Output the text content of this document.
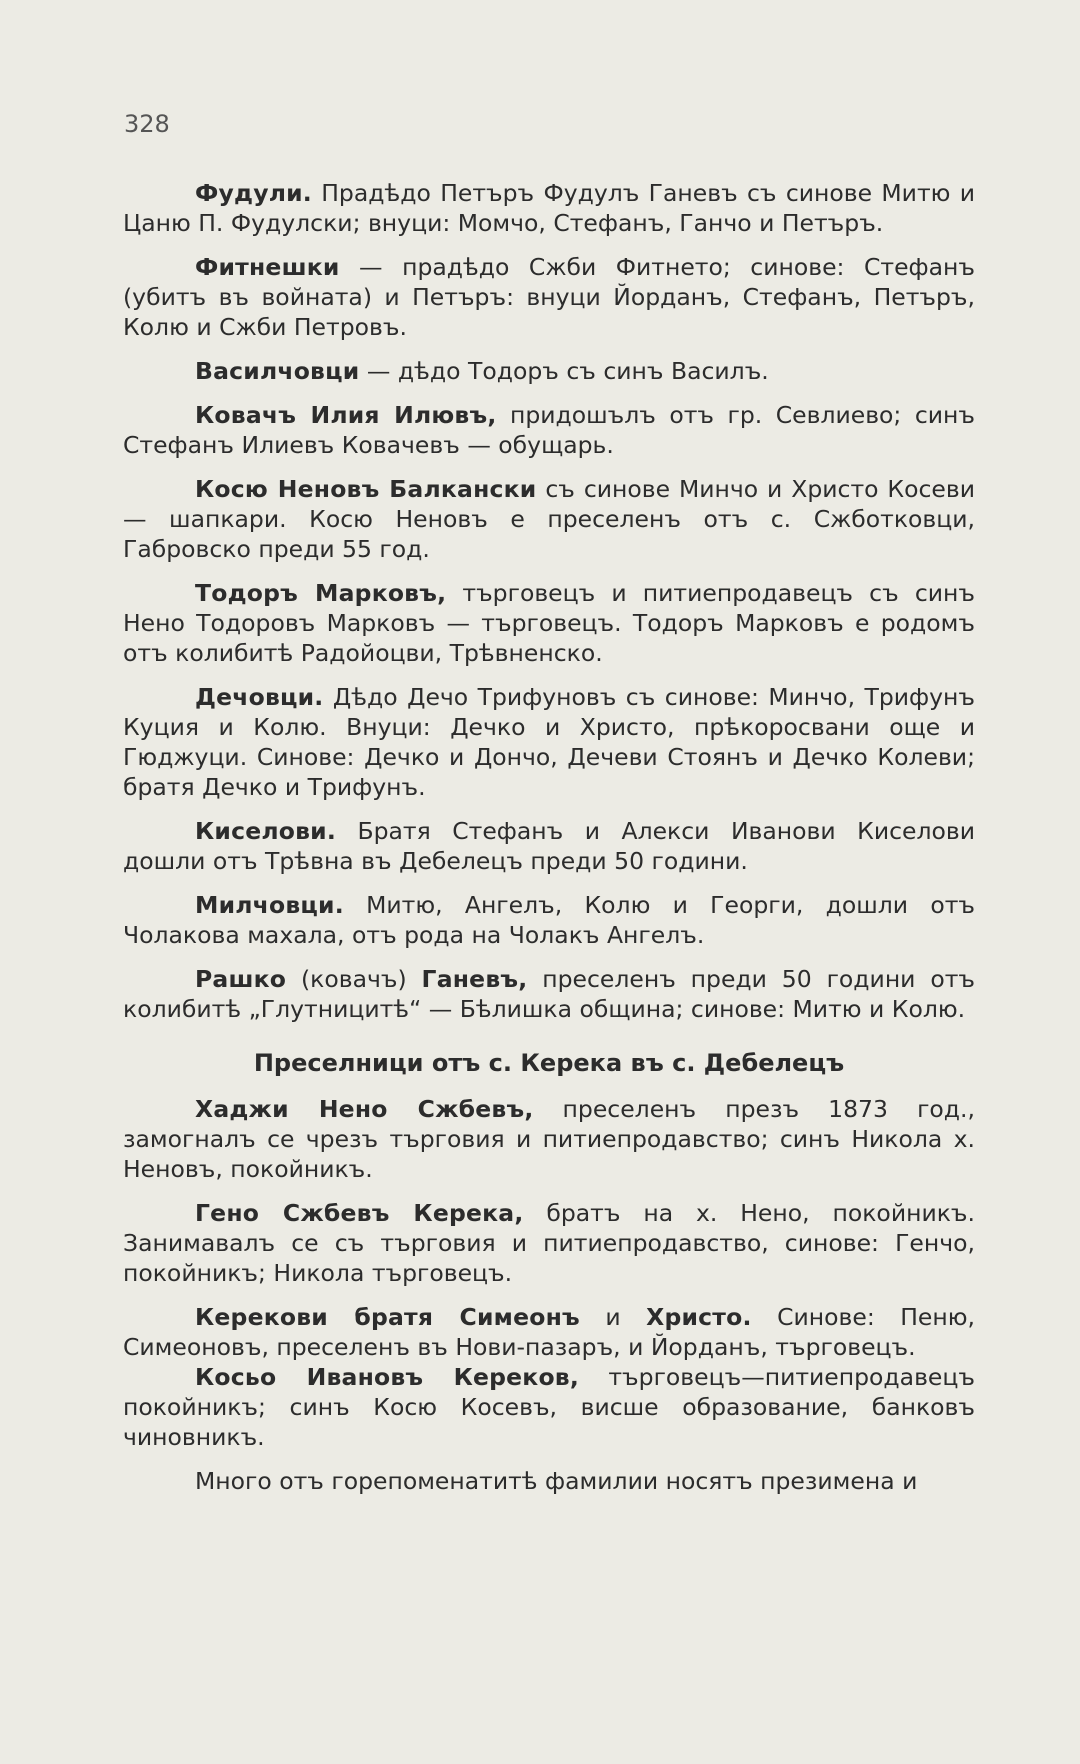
328

Фудули. Прадѣдо Петъръ Фудулъ Ганевъ съ синове Митю и Цаню П. Фудулски; внуци: Момчо, Стефанъ, Ганчо и Петъръ.

Фитнешки — прадѣдо Сжби Фитнето; синове: Стефанъ (убитъ въ войната) и Петъръ: внуци Йорданъ, Стефанъ, Петъръ, Колю и Сжби Петровъ.

Василчовци — дѣдо Тодоръ съ синъ Василъ.

Ковачъ Илия Илювъ, придошълъ отъ гр. Севлиево; синъ Стефанъ Илиевъ Ковачевъ — обущарь.

Косю Неновъ Балкански съ синове Минчо и Христо Косеви — шапкари. Косю Неновъ е преселенъ отъ с. Сжботковци, Габровско преди 55 год.

Тодоръ Марковъ, търговецъ и питиепродавецъ съ синъ Нено Тодоровъ Марковъ — търговецъ. Тодоръ Марковъ е родомъ отъ колибитѣ Радойоцви, Трѣвненско.

Дечовци. Дѣдо Дечо Трифуновъ съ синове: Минчо, Трифунъ Куция и Колю. Внуци: Дечко и Христо, прѣкоросвани още и Гюджуци. Синове: Дечко и Дончо, Дечеви Стоянъ и Дечко Колеви; братя Дечко и Трифунъ.

Киселови. Братя Стефанъ и Алекси Иванови Киселови дошли отъ Трѣвна въ Дебелецъ преди 50 години.

Милчовци. Митю, Ангелъ, Колю и Георги, дошли отъ Чолакова махала, отъ рода на Чолакъ Ангелъ.

Рашко (ковачъ) Ганевъ, преселенъ преди 50 години отъ колибитѣ „Глутницитѣ“ — Бѣлишка община; синове: Митю и Колю.

Преселници отъ с. Керека въ с. Дебелецъ

Хаджи Нено Сжбевъ, преселенъ презъ 1873 год., замогналъ се чрезъ търговия и питиепродавство; синъ Никола х. Неновъ, покойникъ.

Гено Сжбевъ Керека, братъ на х. Нено, покойникъ. Занимавалъ се съ търговия и питиепродавство, синове: Генчо, покойникъ; Никола търговецъ.

Керекови братя Симеонъ и Христо. Синове: Пеню, Симеоновъ, преселенъ въ Нови-пазаръ, и Йорданъ, търговецъ.

Косьо Ивановъ Кереков, търговецъ—питиепродавецъ покойникъ; синъ Косю Косевъ, висше образование, банковъ чиновникъ.

Много отъ горепоменатитѣ фамилии носятъ презимена и
